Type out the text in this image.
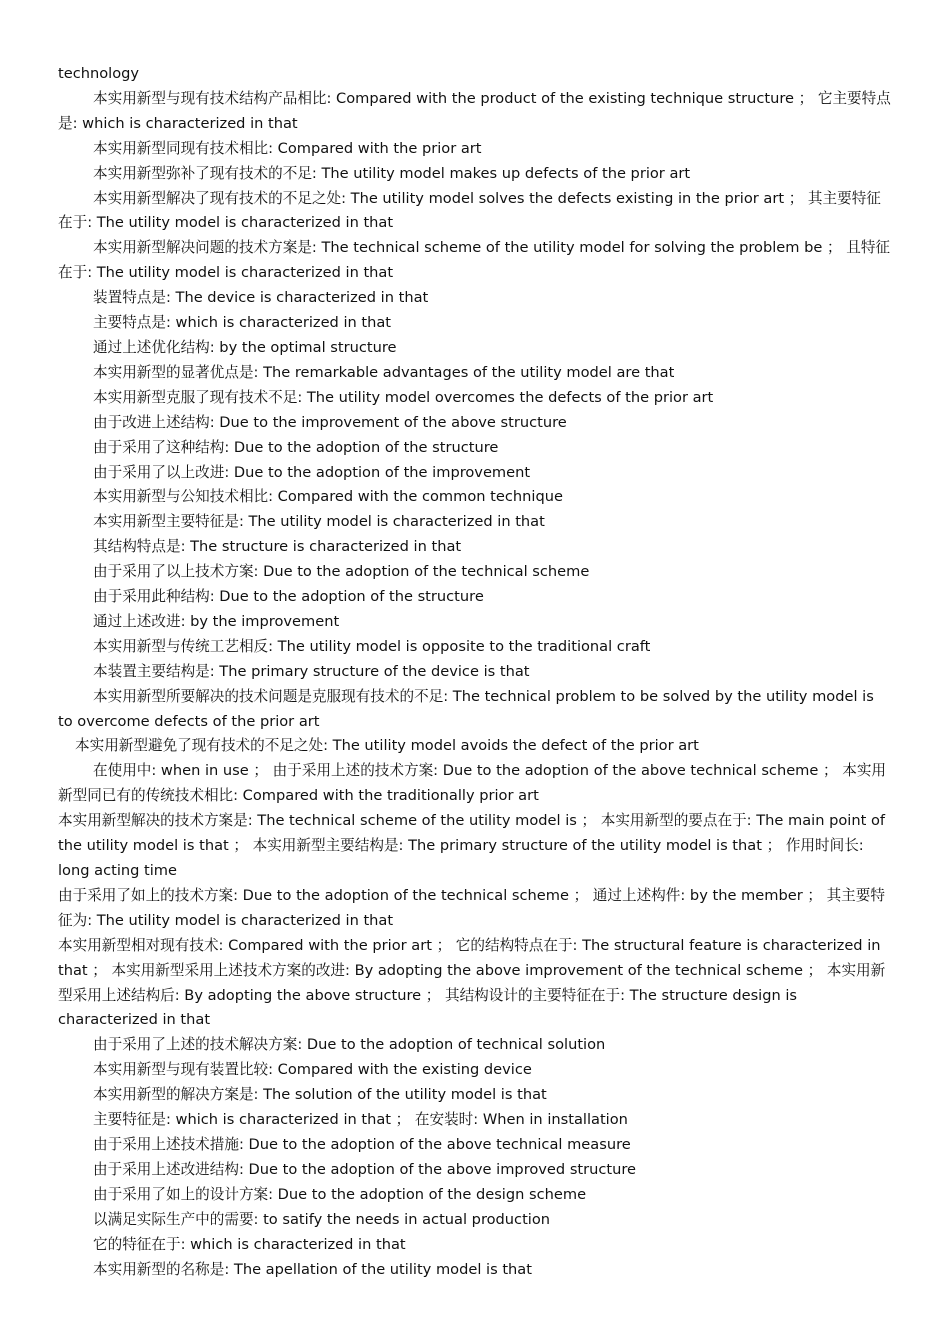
technology

本实用新型与现有技术结构产品相比: Compared with the product of the existing technique structure ； 它主要特点是: which is characterized in that

本实用新型同现有技术相比: Compared with the prior art

本实用新型弥补了现有技术的不足: The utility model makes up defects of the prior art

本实用新型解决了现有技术的不足之处: The utility model solves the defects existing in the prior art ； 其主要特征在于: The utility model is characterized in that

本实用新型解决问题的技术方案是: The technical scheme of the utility model for solving the problem be ； 且特征在于: The utility model is characterized in that

装置特点是: The device is characterized in that

主要特点是: which is characterized in that

通过上述优化结构: by the optimal structure

本实用新型的显著优点是: The remarkable advantages of the utility model are that

本实用新型克服了现有技术不足: The utility model overcomes the defects of the prior art

由于改进上述结构: Due to the improvement of the above structure

由于采用了这种结构: Due to the adoption of the structure

由于采用了以上改进: Due to the adoption of the improvement

本实用新型与公知技术相比: Compared with the common technique

本实用新型主要特征是: The utility model is characterized in that

其结构特点是: The structure is characterized in that

由于采用了以上技术方案: Due to the adoption of the technical scheme

由于采用此种结构: Due to the adoption of the structure

通过上述改进: by the improvement

本实用新型与传统工艺相反: The utility model is opposite to the traditional craft

本装置主要结构是: The primary structure of the device is that

本实用新型所要解决的技术问题是克服现有技术的不足: The technical problem to be solved by the utility model is to overcome defects of the prior art

本实用新型避免了现有技术的不足之处: The utility model avoids the defect of the prior art

在使用中: when in use ； 由于采用上述的技术方案: Due to the adoption of the above technical scheme ； 本实用新型同已有的传统技术相比: Compared with the traditionally prior art

本实用新型解决的技术方案是: The technical scheme of the utility model is ； 本实用新型的要点在于: The main point of the utility model is that ； 本实用新型主要结构是: The primary structure of the utility model is that ； 作用时间长: long acting time

由于采用了如上的技术方案: Due to the adoption of the technical scheme ； 通过上述构件: by the member ； 其主要特征为: The utility model is characterized in that

本实用新型相对现有技术: Compared with the prior art ； 它的结构特点在于: The structural feature is characterized in that ； 本实用新型采用上述技术方案的改进: By adopting the above improvement of the technical scheme ； 本实用新型采用上述结构后: By adopting the above structure ； 其结构设计的主要特征在于: The structure design is characterized in that

由于采用了上述的技术解决方案: Due to the adoption of technical solution

本实用新型与现有装置比较: Compared with the existing device

本实用新型的解决方案是: The solution of the utility model is that

主要特征是: which is characterized in that ； 在安装时: When in installation

由于采用上述技术措施: Due to the adoption of the above technical measure

由于采用上述改进结构: Due to the adoption of the above improved structure

由于采用了如上的设计方案: Due to the adoption of the design scheme

以满足实际生产中的需要: to satify the needs in actual production

它的特征在于: which is characterized in that

本实用新型的名称是: The apellation of the utility model is that
